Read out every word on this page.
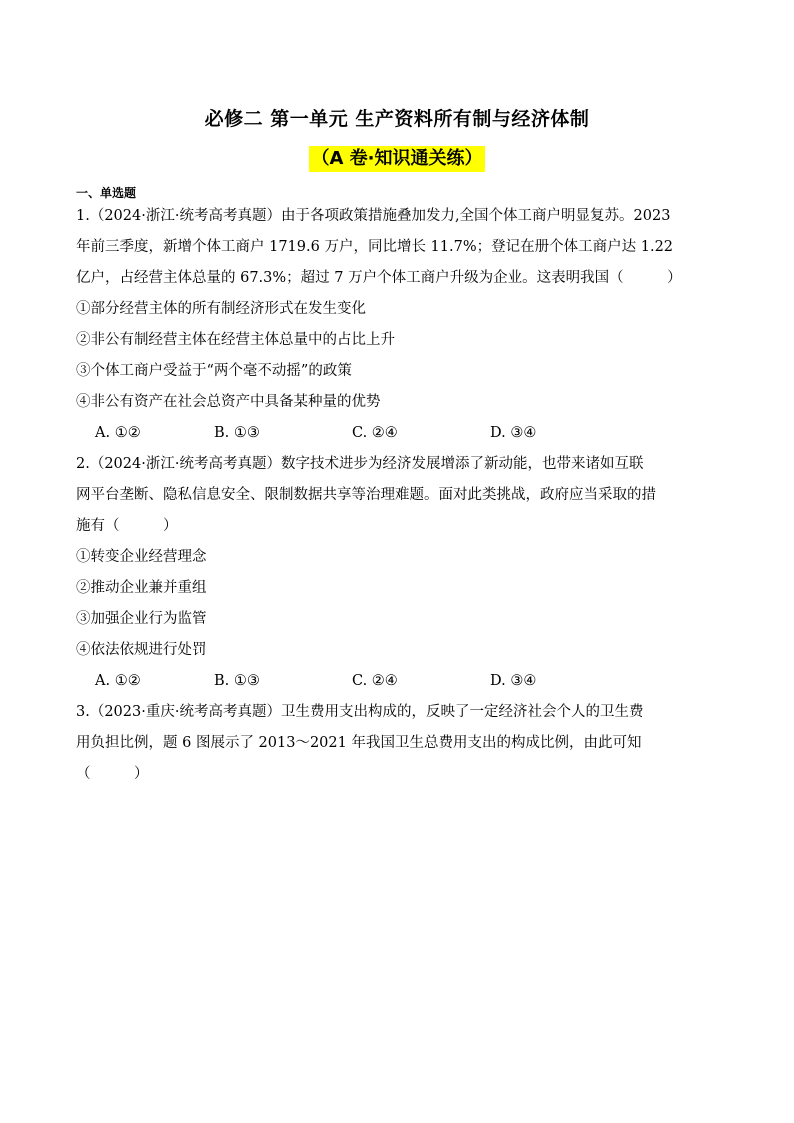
必修二 第一单元 生产资料所有制与经济体制
（A 卷·知识通关练）
一、单选题
1.（2024·浙江·统考高考真题）由于各项政策措施叠加发力,全国个体工商户明显复苏。2023
年前三季度，新增个体工商户 1719.6 万户，同比增长 11.7%；登记在册个体工商户达 1.22
亿户，占经营主体总量的 67.3%；超过 7 万户个体工商户升级为企业。这表明我国（　　　）
①部分经营主体的所有制经济形式在发生变化
②非公有制经营主体在经营主体总量中的占比上升
③个体工商户受益于“两个毫不动摇”的政策
④非公有资产在社会总资产中具备某种量的优势
A. ①②	B. ①③	C. ②④	D. ③④
2.（2024·浙江·统考高考真题）数字技术进步为经济发展增添了新动能，也带来诸如互联
网平台垄断、隐私信息安全、限制数据共享等治理难题。面对此类挑战，政府应当采取的措
施有（　　　）
①转变企业经营理念
②推动企业兼并重组
③加强企业行为监管
④依法依规进行处罚
A. ①②	B. ①③	C. ②④	D. ③④
3.（2023·重庆·统考高考真题）卫生费用支出构成的，反映了一定经济社会个人的卫生费
用负担比例，题 6 图展示了 2013～2021 年我国卫生总费用支出的构成比例，由此可知
（　　　）
